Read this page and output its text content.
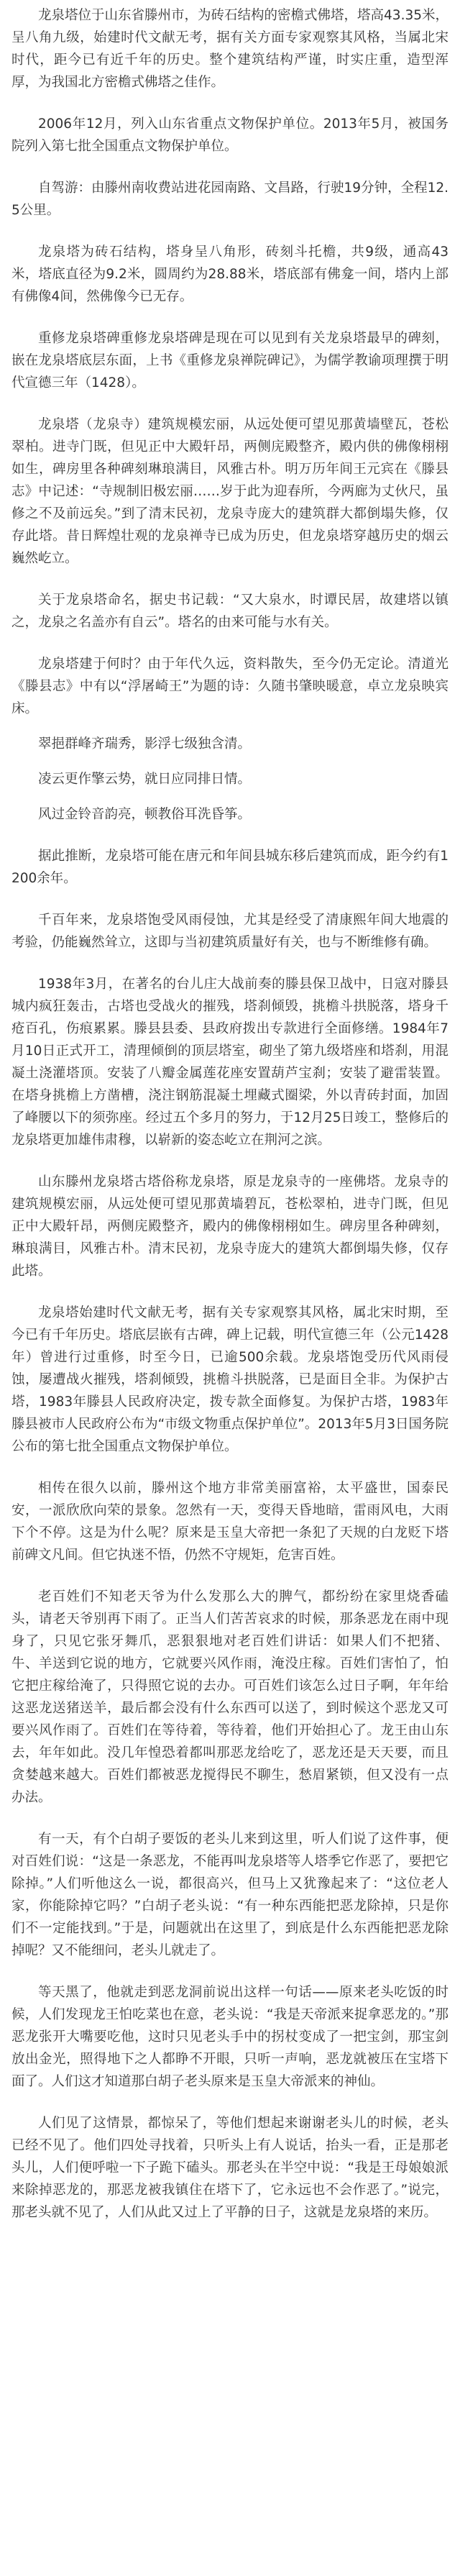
龙泉塔位于山东省滕州市，为砖石结构的密檐式佛塔，塔高43.35米，呈八角九级，始建时代文献无考，据有关方面专家观察其风格，当属北宋时代，距今已有近千年的历史。整个建筑结构严谨，时实庄重，造型浑厚，为我国北方密檐式佛塔之佳作。

2006年12月，列入山东省重点文物保护单位。2013年5月，被国务院列入第七批全国重点文物保护单位。

自驾游：由滕州南收费站进花园南路、文昌路，行驶19分钟，全程12.5公里。

龙泉塔为砖石结构，塔身呈八角形，砖刻斗托檐，共9级，通高43米，塔底直径为9.2米，圆周约为28.88米，塔底部有佛龛一间，塔内上部有佛像4间，然佛像今已无存。

重修龙泉塔碑重修龙泉塔碑是现在可以见到有关龙泉塔最早的碑刻，嵌在龙泉塔底层东面，上书《重修龙泉禅院碑记》，为儒学教谕项理撰于明代宣德三年（1428）。

龙泉塔（龙泉寺）建筑规模宏丽，从远处便可望见那黄墙壁瓦，苍松翠柏。进寺门既，但见正中大殿轩昂，两侧庑殿整齐，殿内供的佛像栩栩如生，碑房里各种碑刻琳琅满目，风雅古朴。明万历年间王元宾在《滕县志》中记述：“寺规制旧极宏丽……岁于此为迎春所，今两廊为丈伙尺，虽修之不及前远矣。”到了清末民初，龙泉寺庞大的建筑群大都倒塌失修，仅存此塔。昔日辉煌壮观的龙泉禅寺已成为历史，但龙泉塔穿越历史的烟云巍然屹立。

关于龙泉塔命名，据史书记载：“又大泉水，时谭民居，故建塔以镇之，龙泉之名盖亦有自云”。塔名的由来可能与水有关。

龙泉塔建于何时？由于年代久远，资料散失，至今仍无定论。清道光《滕县志》中有以“浮屠崎王”为题的诗：久随书肇映暖意，卓立龙泉映宾床。

翠挹群峰齐瑞秀，影浮七级独含清。

凌云更作擎云势，就日应同排日情。

风过金铃音韵亮，顿教俗耳洗昏筝。

据此推断，龙泉塔可能在唐元和年间县城东移后建筑而成，距今约有1200余年。

千百年来，龙泉塔饱受风雨侵蚀，尤其是经受了清康熙年间大地震的考验，仍能巍然耸立，这即与当初建筑质量好有关，也与不断维修有确。

1938年3月，在著名的台儿庄大战前奏的滕县保卫战中，日寇对滕县城内疯狂轰击，古塔也受战火的摧残，塔刹倾毁，挑檐斗拱脱落，塔身千疮百孔，伤痕累累。滕县县委、县政府拨出专款进行全面修缮。1984年7月10日正式开工，清理倾倒的顶层塔室，砌坐了第九级塔座和塔刹，用混凝土浇灌塔顶。安装了八瓣金属莲花座安置葫芦宝刹；安装了避雷装置。在塔身挑檐上方凿槽，浇注钢筋混凝土埋藏式圈梁，外以青砖封面，加固了峰腰以下的须弥座。经过五个多月的努力，于12月25日竣工，整修后的龙泉塔更加雄伟肃穆，以崭新的姿态屹立在荆河之滨。

山东滕州龙泉塔古塔俗称龙泉塔，原是龙泉寺的一座佛塔。龙泉寺的建筑规模宏丽，从远处便可望见那黄墙碧瓦，苍松翠柏，进寺门既，但见正中大殿轩昂，两侧庑殿整齐，殿内的佛像栩栩如生。碑房里各种碑刻，琳琅满目，风雅古朴。清末民初，龙泉寺庞大的建筑大都倒塌失修，仅存此塔。

龙泉塔始建时代文献无考，据有关专家观察其风格，属北宋时期，至今已有千年历史。塔底层嵌有古碑，碑上记载，明代宣德三年（公元1428年）曾进行过重修，时至今日，已逾500余载。龙泉塔饱受历代风雨侵蚀，屡遭战火摧残，塔刹倾毁，挑檐斗拱脱落，已是面目全非。为保护古塔，1983年滕县人民政府决定，拨专款全面修复。为保护古塔，1983年滕县被市人民政府公布为“市级文物重点保护单位”。2013年5月3日国务院公布的第七批全国重点文物保护单位。

相传在很久以前，滕州这个地方非常美丽富裕，太平盛世，国泰民安，一派欣欣向荣的景象。忽然有一天，变得天昏地暗，雷雨风电，大雨下个不停。这是为什么呢？原来是玉皇大帝把一条犯了天规的白龙贬下塔前碑文凡间。但它执迷不悟，仍然不守规矩，危害百姓。

老百姓们不知老天爷为什么发那么大的脾气，都纷纷在家里烧香磕头，请老天爷别再下雨了。正当人们苦苦哀求的时候，那条恶龙在雨中现身了，只见它张牙舞爪，恶狠狠地对老百姓们讲话：如果人们不把猪、牛、羊送到它说的地方，它就要兴风作雨，淹没庄稼。百姓们害怕了，怕它把庄稼给淹了，只得照它说的去办。可百姓们该怎么过日子啊，年年给这恶龙送猪送羊，最后都会没有什么东西可以送了，到时候这个恶龙又可要兴风作雨了。百姓们在等待着，等待着，他们开始担心了。龙王由山东去，年年如此。没几年惶恐着都叫那恶龙给吃了，恶龙还是天天要，而且贪婪越来越大。百姓们都被恶龙搅得民不聊生，愁眉紧锁，但又没有一点办法。

有一天，有个白胡子要饭的老头儿来到这里，听人们说了这件事，便对百姓们说：“这是一条恶龙，不能再叫龙泉塔等人塔季它作恶了，要把它除掉。”人们听他这么一说，都很高兴，但马上又犹豫起来了：“这位老人家，你能除掉它吗？”白胡子老头说：“有一种东西能把恶龙除掉，只是你们不一定能找到。”于是，问题就出在这里了，到底是什么东西能把恶龙除掉呢？又不能细问，老头儿就走了。

等天黑了，他就走到恶龙洞前说出这样一句话——原来老头吃饭的时候，人们发现龙王怕吃菜也在意，老头说：“我是天帝派来捉拿恶龙的。”那恶龙张开大嘴要吃他，这时只见老头手中的拐杖变成了一把宝剑，那宝剑放出金光，照得地下之人都睁不开眼，只听一声响，恶龙就被压在宝塔下面了。人们这才知道那白胡子老头原来是玉皇大帝派来的神仙。

人们见了这情景，都惊呆了，等他们想起来谢谢老头儿的时候，老头已经不见了。他们四处寻找着，只听头上有人说话，抬头一看，正是那老头儿，人们便呼啦一下子跪下磕头。那老头在半空中说：“我是王母娘娘派来除掉恶龙的，那恶龙被我镇住在塔下了，它永远也不会作恶了。”说完，那老头就不见了，人们从此又过上了平静的日子，这就是龙泉塔的来历。
